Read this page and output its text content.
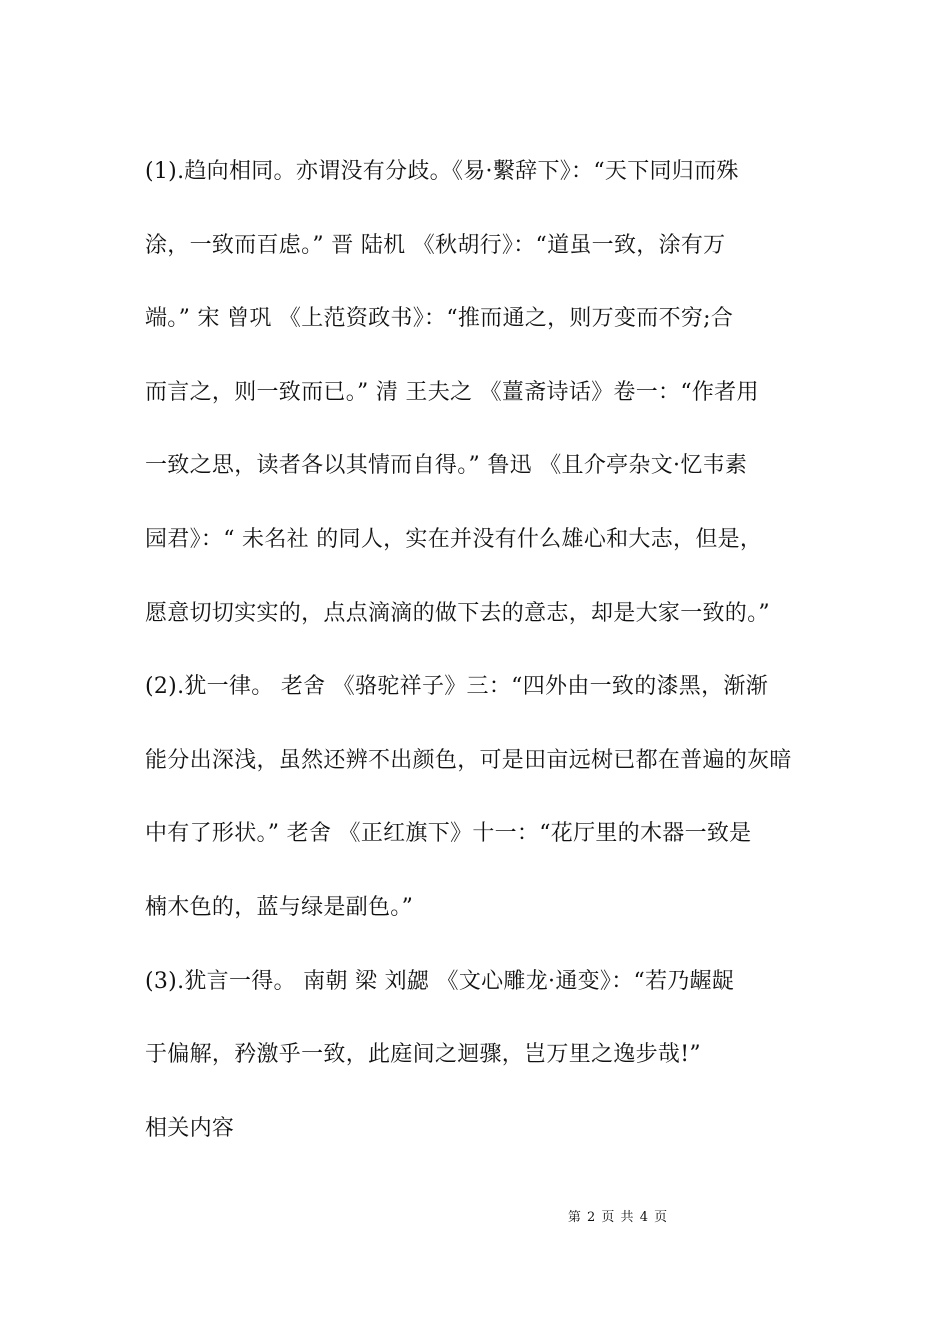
(1).趋向相同。亦谓没有分歧。《易·繫辞下》：“天下同归而殊
涂，一致而百虑。” 晋 陆机 《秋胡行》：“道虽一致，涂有万
端。” 宋 曾巩 《上范资政书》：“推而通之，则万变而不穷;合
而言之，则一致而已。” 清 王夫之 《薑斋诗话》卷一：“作者用
一致之思，读者各以其情而自得。” 鲁迅 《且介亭杂文·忆韦素
园君》：“ 未名社 的同人，实在并没有什么雄心和大志，但是，
愿意切切实实的，点点滴滴的做下去的意志，却是大家一致的。”
(2).犹一律。 老舍 《骆驼祥子》三：“四外由一致的漆黑，渐渐
能分出深浅，虽然还辨不出颜色，可是田亩远树已都在普遍的灰暗
中有了形状。” 老舍 《正红旗下》十一：“花厅里的木器一致是
楠木色的，蓝与绿是副色。”
(3).犹言一得。 南朝 梁 刘勰 《文心雕龙·通变》：“若乃龌龊
于偏解，矜激乎一致，此庭间之迴骤，岂万里之逸步哉!”
相关内容
第 2 页 共 4 页
